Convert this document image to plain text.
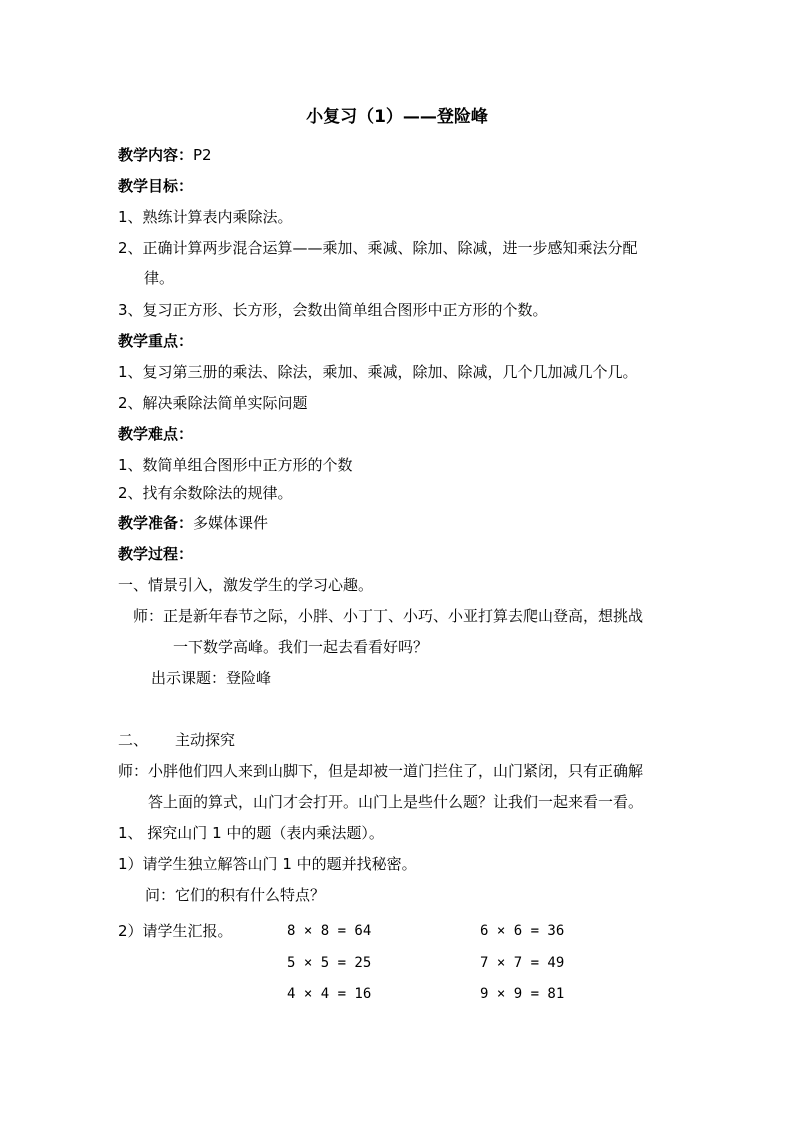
小复习（1）——登险峰
教学内容：P2
教学目标：
1、熟练计算表内乘除法。
2、正确计算两步混合运算——乘加、乘减、除加、除减，进一步感知乘法分配
律。
3、复习正方形、长方形，会数出简单组合图形中正方形的个数。
教学重点：
1、复习第三册的乘法、除法，乘加、乘减，除加、除减，几个几加减几个几。
2、解决乘除法简单实际问题
教学难点：
1、数简单组合图形中正方形的个数
2、找有余数除法的规律。
教学准备：多媒体课件
教学过程：
一、情景引入，激发学生的学习心趣。
师：正是新年春节之际，小胖、小丁丁、小巧、小亚打算去爬山登高，想挑战
一下数学高峰。我们一起去看看好吗？
出示课题：登险峰
二、 主动探究
师：小胖他们四人来到山脚下，但是却被一道门拦住了，山门紧闭，只有正确解
答上面的算式，山门才会打开。山门上是些什么题？让我们一起来看一看。
1、 探究山门 1 中的题（表内乘法题）。
1）请学生独立解答山门 1 中的题并找秘密。
问：它们的积有什么特点？
2）请学生汇报。	8 × 8 = 64
5 × 5 = 25
4 × 4 = 16
6 × 6 = 36
7 × 7 = 49
9 × 9 = 81
